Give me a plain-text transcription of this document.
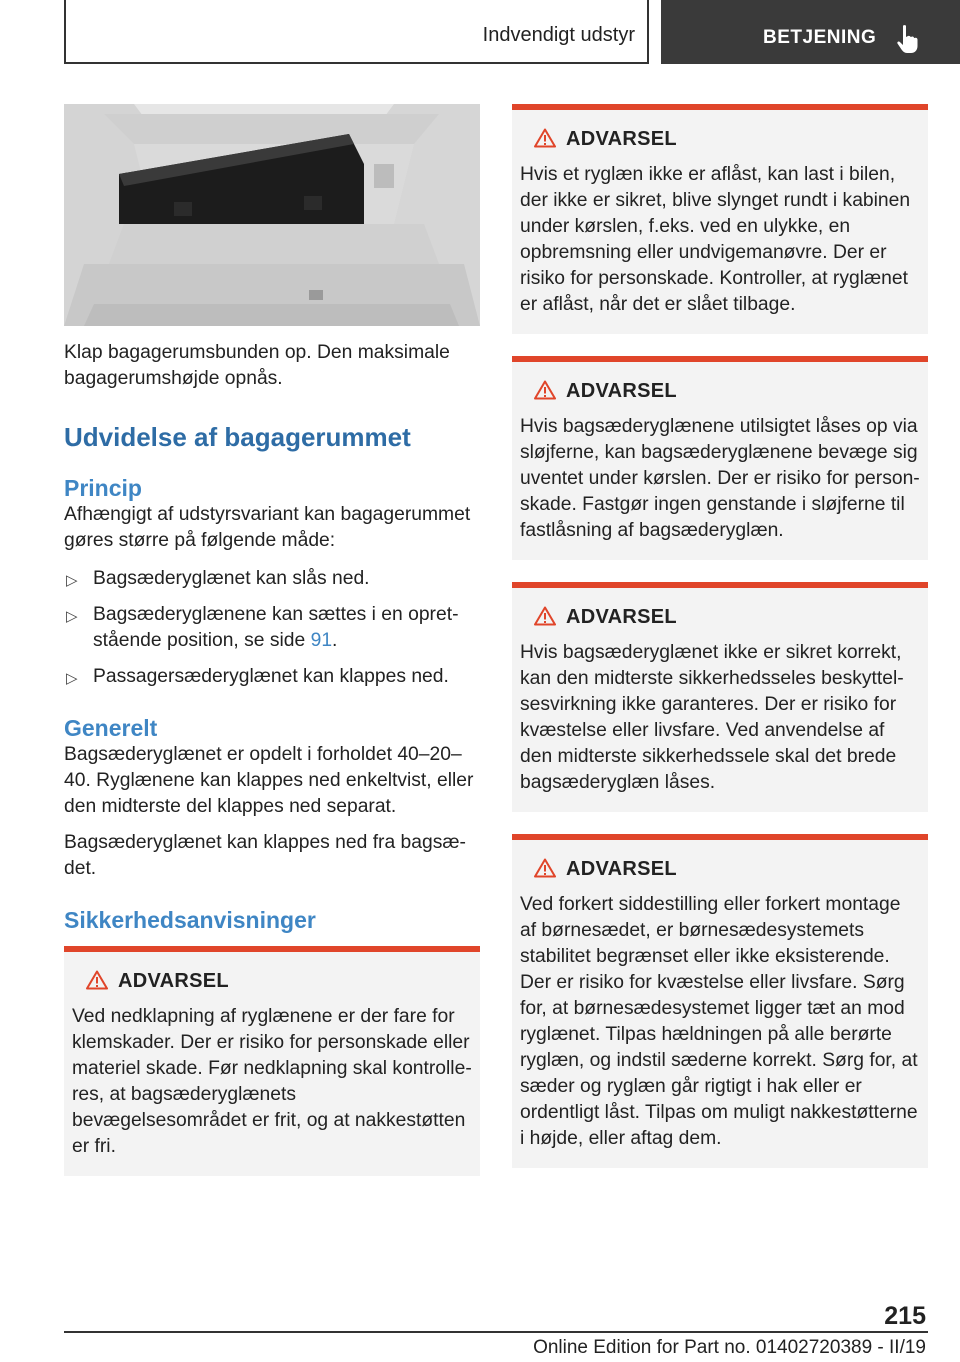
Indvendigt udstyr	BETJENING

Klap bagagerumsbunden op. Den maksimale bagagerumshøjde opnås.

Udvidelse af bagagerummet
Princip

Afhængigt af udstyrsvariant kan bagagerummet gøres større på følgende måde:

▷ Bagsæderyglænet kan slås ned.
▷ Bagsæderyglænene kan sættes i en opretstående position, se side 91.
▷ Passagersæderyglænet kan klappes ned.
Generelt

Bagsæderyglænet er opdelt i forholdet 40–20–40. Ryglænene kan klappes ned enkeltvist, eller den midterste del klappes ned separat.

Bagsæderyglænet kan klappes ned fra bagsædet.

Sikkerhedsanvisninger
ADVARSEL

Ved nedklapning af ryglænene er der fare for klemskader. Der er risiko for personskade eller materiel skade. Før nedklapning skal kontrolleres, at bagsæderyglænets bevægelsesområdet er frit, og at nakkestøtten er fri.

ADVARSEL

Hvis et ryglæn ikke er aflåst, kan last i bilen, der ikke er sikret, blive slynget rundt i kabinen under kørslen, f.eks. ved en ulykke, en opbremsning eller undvigemanøvre. Der er risiko for personskade. Kontroller, at ryglænet er aflåst, når det er slået tilbage.

ADVARSEL

Hvis bagsæderyglænene utilsigtet låses op via sløjferne, kan bagsæderyglænene bevæge sig uventet under kørslen. Der er risiko for personskade. Fastgør ingen genstande i sløjferne til fastlåsning af bagsæderyglæn.

ADVARSEL

Hvis bagsæderyglænet ikke er sikret korrekt, kan den midterste sikkerhedsseles beskyttelsesvirkning ikke garanteres. Der er risiko for kvæstelse eller livsfare. Ved anvendelse af den midterste sikkerhedssele skal det brede bagsæderyglæn låses.

ADVARSEL

Ved forkert siddestilling eller forkert montage af børnesædet, er børnesædesystemets stabilitet begrænset eller ikke eksisterende. Der er risiko for kvæstelse eller livsfare. Sørg for, at børnesædesystemet ligger tæt an mod ryglænet. Tilpas hældningen på alle berørte ryglæn, og indstil sæderne korrekt. Sørg for, at sæder og ryglæn går rigtigt i hak eller er ordentligt låst. Tilpas om muligt nakkestøtterne i højde, eller aftag dem.

215
Online Edition for Part no. 01402720389 - II/19
